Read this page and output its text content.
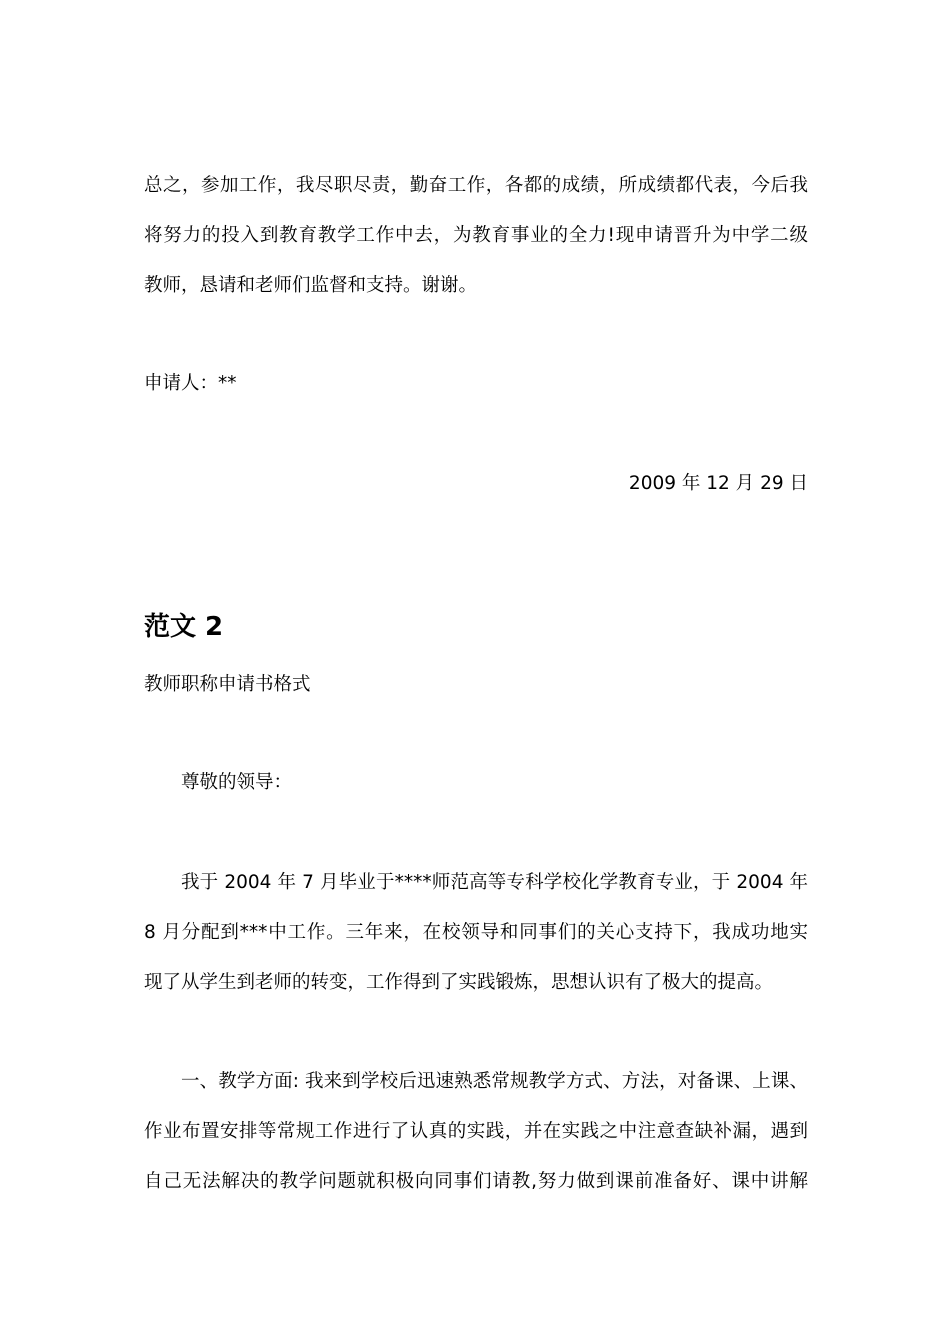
总之，参加工作，我尽职尽责，勤奋工作，各都的成绩，所成绩都代表，今后我
将努力的投入到教育教学工作中去，为教育事业的全力!现申请晋升为中学二级
教师，恳请和老师们监督和支持。谢谢。
申请人：**
2009 年 12 月 29 日
范文 2
教师职称申请书格式
尊敬的领导：
我于 2004 年 7 月毕业于****师范高等专科学校化学教育专业，于 2004 年
8 月分配到***中工作。三年来，在校领导和同事们的关心支持下，我成功地实
现了从学生到老师的转变，工作得到了实践锻炼，思想认识有了极大的提高。
一、教学方面: 我来到学校后迅速熟悉常规教学方式、方法，对备课、上课、
作业布置安排等常规工作进行了认真的实践，并在实践之中注意查缺补漏，遇到
自己无法解决的教学问题就积极向同事们请教,努力做到课前准备好、课中讲解
